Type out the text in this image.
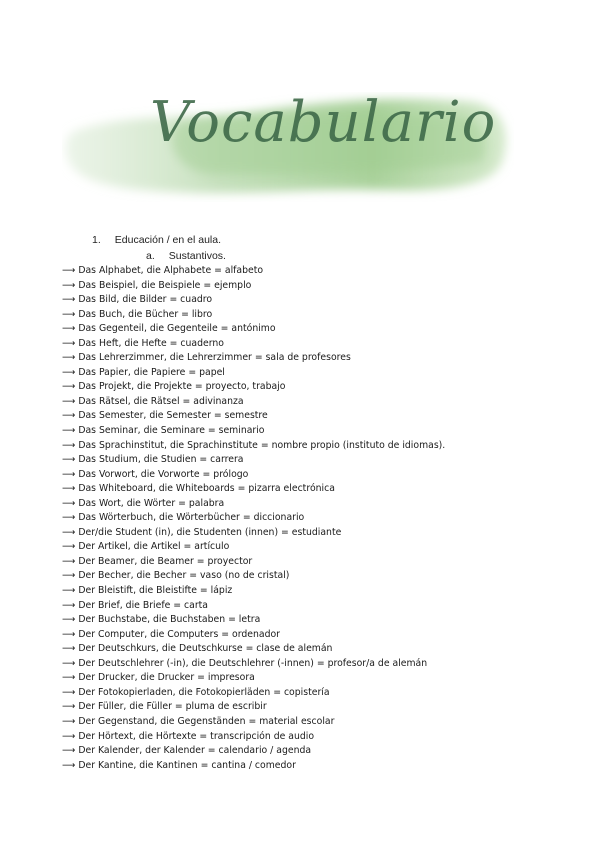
Vocabulario
1. Educación / en el aula.
a. Sustantivos.
⟶ Das Alphabet, die Alphabete = alfabeto
⟶ Das Beispiel, die Beispiele = ejemplo
⟶ Das Bild, die Bilder = cuadro
⟶ Das Buch, die Bücher = libro
⟶ Das Gegenteil, die Gegenteile = antónimo
⟶ Das Heft, die Hefte = cuaderno
⟶ Das Lehrerzimmer, die Lehrerzimmer = sala de profesores
⟶ Das Papier, die Papiere = papel
⟶ Das Projekt, die Projekte = proyecto, trabajo
⟶ Das Rätsel, die Rätsel = adivinanza
⟶ Das Semester, die Semester = semestre
⟶ Das Seminar, die Seminare = seminario
⟶ Das Sprachinstitut, die Sprachinstitute = nombre propio (instituto de idiomas).
⟶ Das Studium, die Studien = carrera
⟶ Das Vorwort, die Vorworte = prólogo
⟶ Das Whiteboard, die Whiteboards = pizarra electrónica
⟶ Das Wort, die Wörter = palabra
⟶ Das Wörterbuch, die Wörterbücher = diccionario
⟶ Der/die Student (in), die Studenten (innen) = estudiante
⟶ Der Artikel, die Artikel = artículo
⟶ Der Beamer, die Beamer = proyector
⟶ Der Becher, die Becher = vaso (no de cristal)
⟶ Der Bleistift, die Bleistifte = lápiz
⟶ Der Brief, die Briefe = carta
⟶ Der Buchstabe, die Buchstaben = letra
⟶ Der Computer, die Computers = ordenador
⟶ Der Deutschkurs, die Deutschkurse = clase de alemán
⟶ Der Deutschlehrer (-in), die Deutschlehrer (-innen) = profesor/a de alemán
⟶ Der Drucker, die Drucker = impresora
⟶ Der Fotokopierladen, die Fotokopierläden = copistería
⟶ Der Füller, die Füller = pluma de escribir
⟶ Der Gegenstand, die Gegenständen = material escolar
⟶ Der Hörtext, die Hörtexte = transcripción de audio
⟶ Der Kalender, der Kalender = calendario / agenda
⟶ Der Kantine, die Kantinen = cantina / comedor
